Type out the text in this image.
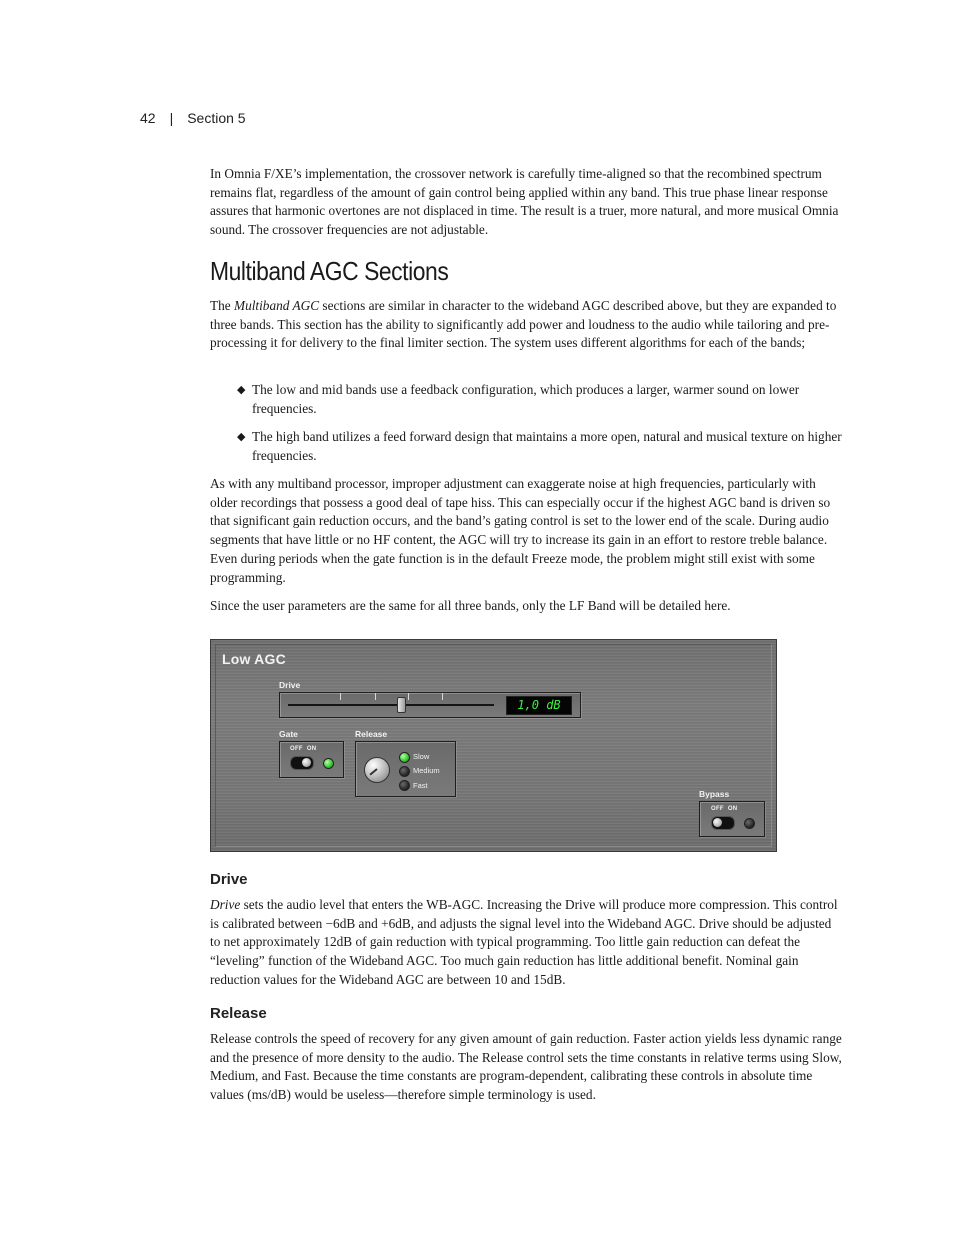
42 | Section 5

In Omnia F/XE’s implementation, the crossover network is carefully time-aligned so that the recombined spectrum remains flat, regardless of the amount of gain control being applied within any band. This true phase linear response assures that harmonic overtones are not displaced in time. The result is a truer, more natural, and more musical Omnia sound. The crossover frequencies are not adjustable.

Multiband AGC Sections

The Multiband AGC sections are similar in character to the wideband AGC described above, but they are expanded to three bands. This section has the ability to significantly add power and loudness to the audio while tailoring and pre-processing it for delivery to the final limiter section. The system uses different algorithms for each of the bands;

◆ The low and mid bands use a feedback configuration, which produces a larger, warmer sound on lower frequencies.
◆ The high band utilizes a feed forward design that maintains a more open, natural and musical texture on higher frequencies.

As with any multiband processor, improper adjustment can exaggerate noise at high frequencies, particularly with older recordings that possess a good deal of tape hiss. This can especially occur if the highest AGC band is driven so that significant gain reduction occurs, and the band’s gating control is set to the lower end of the scale. During audio segments that have little or no HF content, the AGC will try to increase its gain in an effort to restore treble balance. Even during periods when the gate function is in the default Freeze mode, the problem might still exist with some programming.

Since the user parameters are the same for all three bands, only the LF Band will be detailed here.

Low AGC
Drive
1,0 dB
Gate
OFF ON
Release
Slow
Medium
Fast
Bypass
OFF ON
Drive

Drive sets the audio level that enters the WB-AGC. Increasing the Drive will produce more compression. This control is calibrated between −6dB and +6dB, and adjusts the signal level into the Wideband AGC. Drive should be adjusted to net approximately 12dB of gain reduction with typical programming. Too little gain reduction can defeat the “leveling” function of the Wideband AGC. Too much gain reduction has little additional benefit. Nominal gain reduction values for the Wideband AGC are between 10 and 15dB.

Release

Release controls the speed of recovery for any given amount of gain reduction. Faster action yields less dynamic range and the presence of more density to the audio. The Release control sets the time constants in relative terms using Slow, Medium, and Fast. Because the time constants are program-dependent, calibrating these controls in absolute time values (ms/dB) would be useless—therefore simple terminology is used.
